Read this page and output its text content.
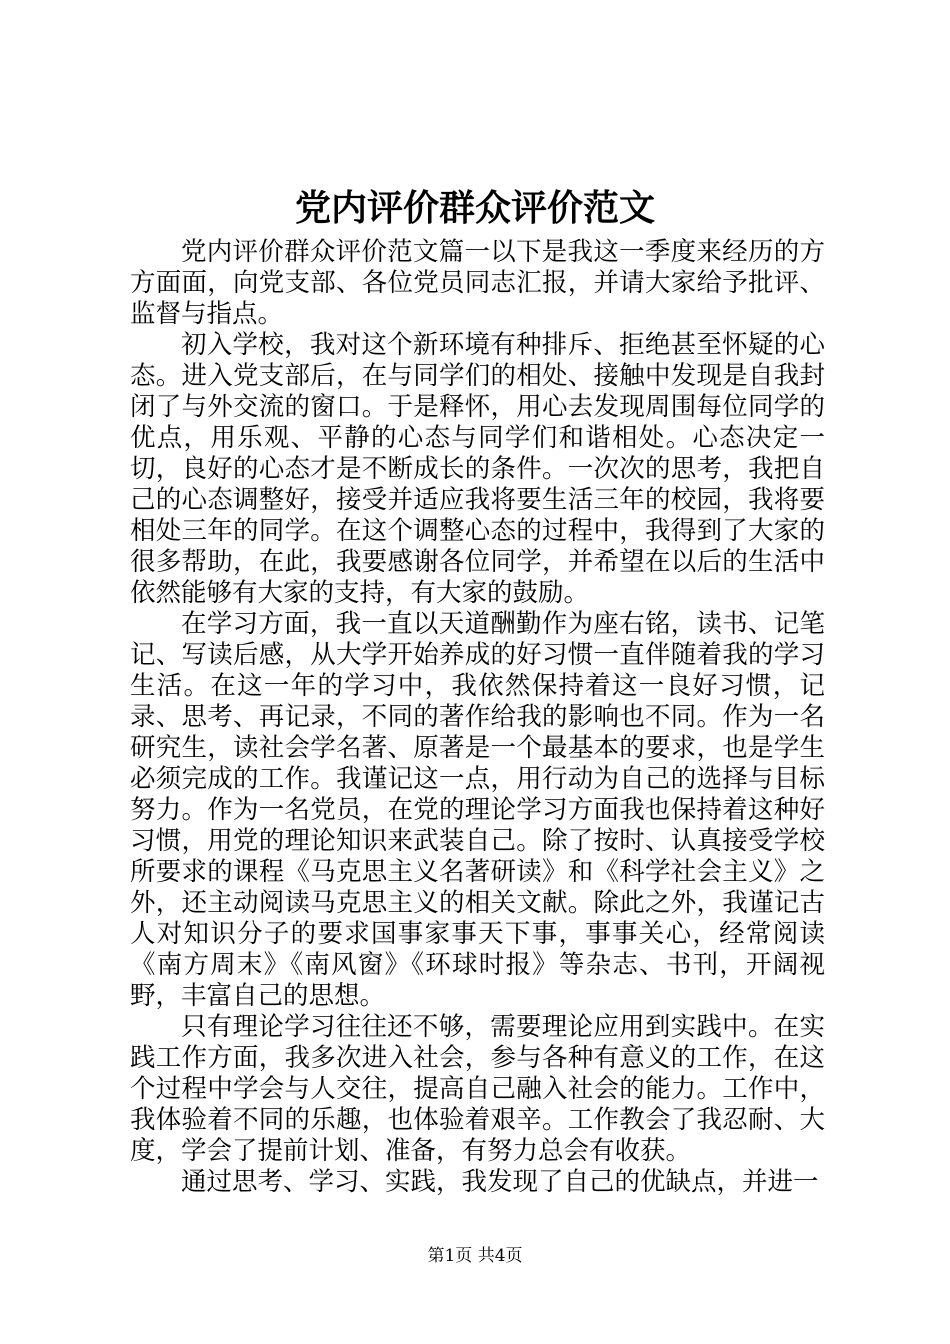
党内评价群众评价范文

党内评价群众评价范文篇一以下是我这一季度来经历的方方面面，向党支部、各位党员同志汇报，并请大家给予批评、监督与指点。

初入学校，我对这个新环境有种排斥、拒绝甚至怀疑的心态。进入党支部后，在与同学们的相处、接触中发现是自我封闭了与外交流的窗口。于是释怀，用心去发现周围每位同学的优点，用乐观、平静的心态与同学们和谐相处。心态决定一切，良好的心态才是不断成长的条件。一次次的思考，我把自己的心态调整好，接受并适应我将要生活三年的校园，我将要相处三年的同学。在这个调整心态的过程中，我得到了大家的很多帮助，在此，我要感谢各位同学，并希望在以后的生活中依然能够有大家的支持，有大家的鼓励。

在学习方面，我一直以天道酬勤作为座右铭，读书、记笔记、写读后感，从大学开始养成的好习惯一直伴随着我的学习生活。在这一年的学习中，我依然保持着这一良好习惯，记录、思考、再记录，不同的著作给我的影响也不同。作为一名研究生，读社会学名著、原著是一个最基本的要求，也是学生必须完成的工作。我谨记这一点，用行动为自己的选择与目标努力。作为一名党员，在党的理论学习方面我也保持着这种好习惯，用党的理论知识来武装自己。除了按时、认真接受学校所要求的课程《马克思主义名著研读》和《科学社会主义》之外，还主动阅读马克思主义的相关文献。除此之外，我谨记古人对知识分子的要求国事家事天下事，事事关心，经常阅读《南方周末》《南风窗》《环球时报》等杂志、书刊，开阔视野，丰富自己的思想。

只有理论学习往往还不够，需要理论应用到实践中。在实践工作方面，我多次进入社会，参与各种有意义的工作，在这个过程中学会与人交往，提高自己融入社会的能力。工作中，我体验着不同的乐趣，也体验着艰辛。工作教会了我忍耐、大度，学会了提前计划、准备，有努力总会有收获。

通过思考、学习、实践，我发现了自己的优缺点，并进一

第1页 共4页
